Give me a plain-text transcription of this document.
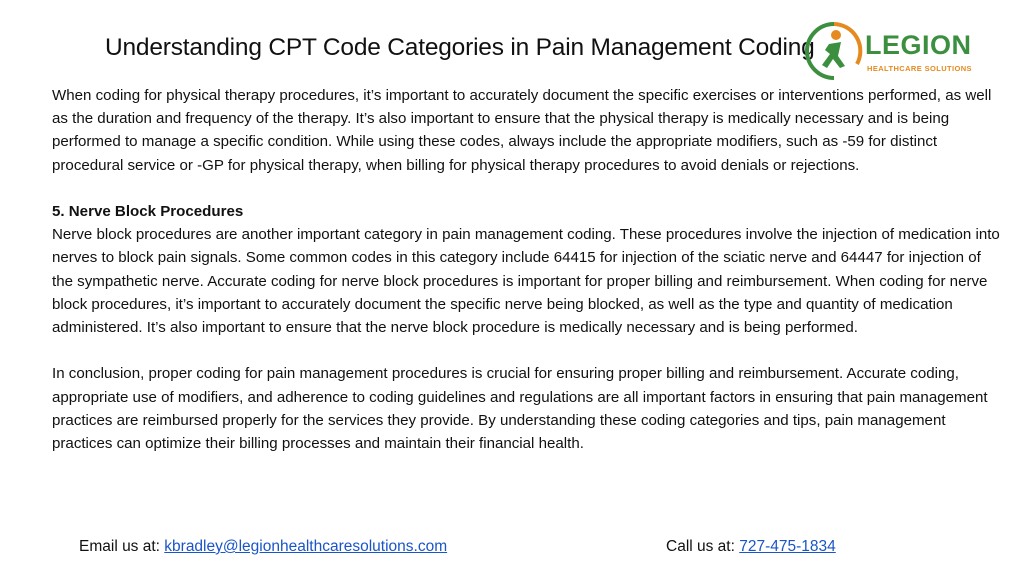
Understanding CPT Code Categories in Pain Management Coding	LEGION
HEALTHCARE SOLUTIONS

When coding for physical therapy procedures, it’s important to accurately document the specific exercises or interventions performed, as well as the duration and frequency of the therapy. It’s also important to ensure that the physical therapy is medically necessary and is being performed to manage a specific condition. While using these codes, always include the appropriate modifiers, such as -59 for distinct procedural service or -GP for physical therapy, when billing for physical therapy procedures to avoid denials or rejections.

5. Nerve Block Procedures

Nerve block procedures are another important category in pain management coding. These procedures involve the injection of medication into nerves to block pain signals. Some common codes in this category include 64415 for injection of the sciatic nerve and 64447 for injection of the sympathetic nerve. Accurate coding for nerve block procedures is important for proper billing and reimbursement. When coding for nerve block procedures, it’s important to accurately document the specific nerve being blocked, as well as the type and quantity of medication administered. It’s also important to ensure that the nerve block procedure is medically necessary and is being performed.

In conclusion, proper coding for pain management procedures is crucial for ensuring proper billing and reimbursement. Accurate coding, appropriate use of modifiers, and adherence to coding guidelines and regulations are all important factors in ensuring that pain management practices are reimbursed properly for the services they provide. By understanding these coding categories and tips, pain management practices can optimize their billing processes and maintain their financial health.

Email us at: kbradley@legionhealthcaresolutions.com	Call us at: 727-475-1834
